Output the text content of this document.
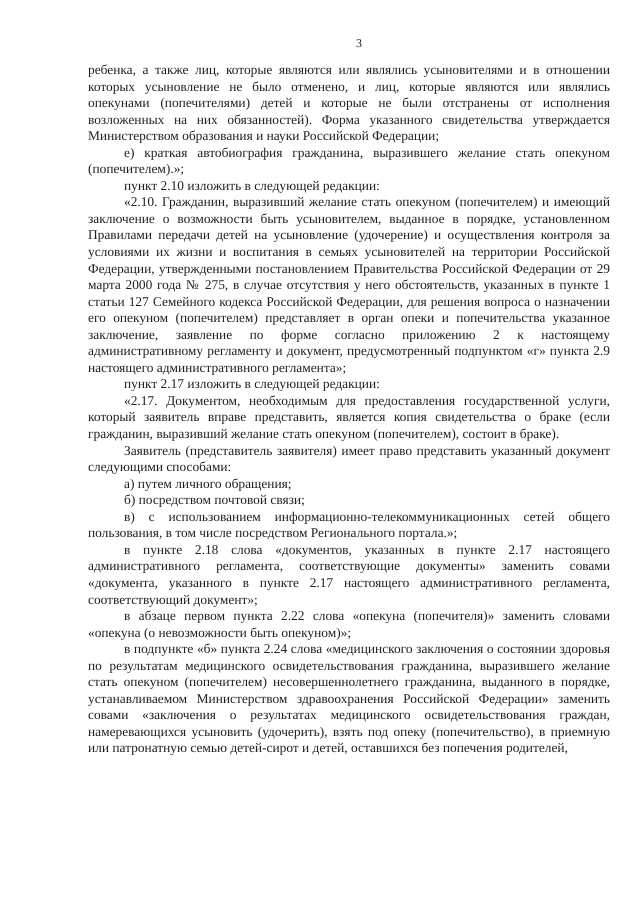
3

ребенка, а также лиц, которые являются или являлись усыновителями и в отношении которых усыновление не было отменено, и лиц, которые являются или являлись опекунами (попечителями) детей и которые не были отстранены от исполнения возложенных на них обязанностей). Форма указанного свидетельства утверждается Министерством образования и науки Российской Федерации;

е) краткая автобиография гражданина, выразившего желание стать опекуном (попечителем).»;

пункт 2.10 изложить в следующей редакции:

«2.10. Гражданин, выразивший желание стать опекуном (попечителем) и имеющий заключение о возможности быть усыновителем, выданное в порядке, установленном Правилами передачи детей на усыновление (удочерение) и осуществления контроля за условиями их жизни и воспитания в семьях усыновителей на территории Российской Федерации, утвержденными постановлением Правительства Российской Федерации от 29 марта 2000 года № 275, в случае отсутствия у него обстоятельств, указанных в пункте 1 статьи 127 Семейного кодекса Российской Федерации, для решения вопроса о назначении его опекуном (попечителем) представляет в орган опеки и попечительства указанное заключение, заявление по форме согласно приложению 2 к настоящему административному регламенту и документ, предусмотренный подпунктом «г» пункта 2.9 настоящего административного регламента»;

пункт 2.17 изложить в следующей редакции:

«2.17. Документом, необходимым для предоставления государственной услуги, который заявитель вправе представить, является копия свидетельства о браке (если гражданин, выразивший желание стать опекуном (попечителем), состоит в браке).

Заявитель (представитель заявителя) имеет право представить указанный документ следующими способами:

а) путем личного обращения;

б) посредством почтовой связи;

в) с использованием информационно-телекоммуникационных сетей общего пользования, в том числе посредством Регионального портала.»;

в пункте 2.18 слова «документов, указанных в пункте 2.17 настоящего административного регламента, соответствующие документы» заменить совами «документа, указанного в пункте 2.17 настоящего административного регламента, соответствующий документ»;

в абзаце первом пункта 2.22 слова «опекуна (попечителя)» заменить словами «опекуна (о невозможности быть опекуном)»;

в подпункте «б» пункта 2.24 слова «медицинского заключения о состоянии здоровья по результатам медицинского освидетельствования гражданина, выразившего желание стать опекуном (попечителем) несовершеннолетнего гражданина, выданного в порядке, устанавливаемом Министерством здравоохранения Российской Федерации» заменить совами «заключения о результатах медицинского освидетельствования граждан, намеревающихся усыновить (удочерить), взять под опеку (попечительство), в приемную или патронатную семью детей-сирот и детей, оставшихся без попечения родителей,
